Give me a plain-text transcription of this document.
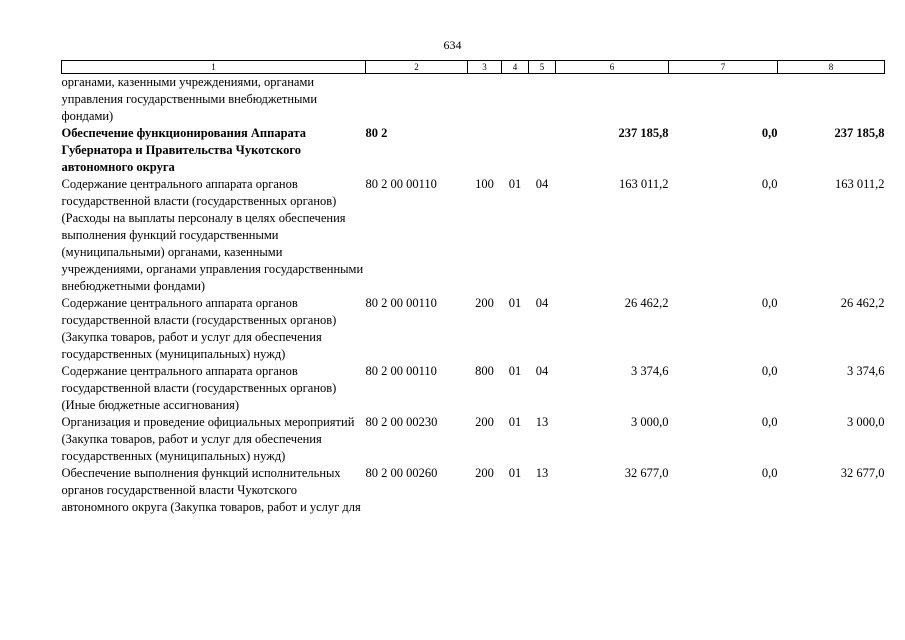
634
1	2	3	4	5	6	7	8
органами, казенными учреждениями, органами управления государственными внебюджетными фондами)							
Обеспечение функционирования Аппарата Губернатора и Правительства Чукотского автономного округа	80 2				237 185,8	0,0	237 185,8
Содержание центрального аппарата органов государственной власти (государственных органов) (Расходы на выплаты персоналу в целях обеспечения выполнения функций государственными (муниципальными) органами, казенными учреждениями, органами управления государственными внебюджетными фондами)	80 2 00 00110	100	01	04	163 011,2	0,0	163 011,2
Содержание центрального аппарата органов государственной власти (государственных органов) (Закупка товаров, работ и услуг для обеспечения государственных (муниципальных) нужд)	80 2 00 00110	200	01	04	26 462,2	0,0	26 462,2
Содержание центрального аппарата органов государственной власти (государственных органов) (Иные бюджетные ассигнования)	80 2 00 00110	800	01	04	3 374,6	0,0	3 374,6
Организация и проведение официальных мероприятий (Закупка товаров, работ и услуг для обеспечения государственных (муниципальных) нужд)	80 2 00 00230	200	01	13	3 000,0	0,0	3 000,0

Обеспечение выполнения функций исполнительных органов государственной власти Чукотского автономного округа (Закупка товаров, работ и услуг для	80 2 00 00260	200	01	13	32 677,0	0,0	32 677,0
